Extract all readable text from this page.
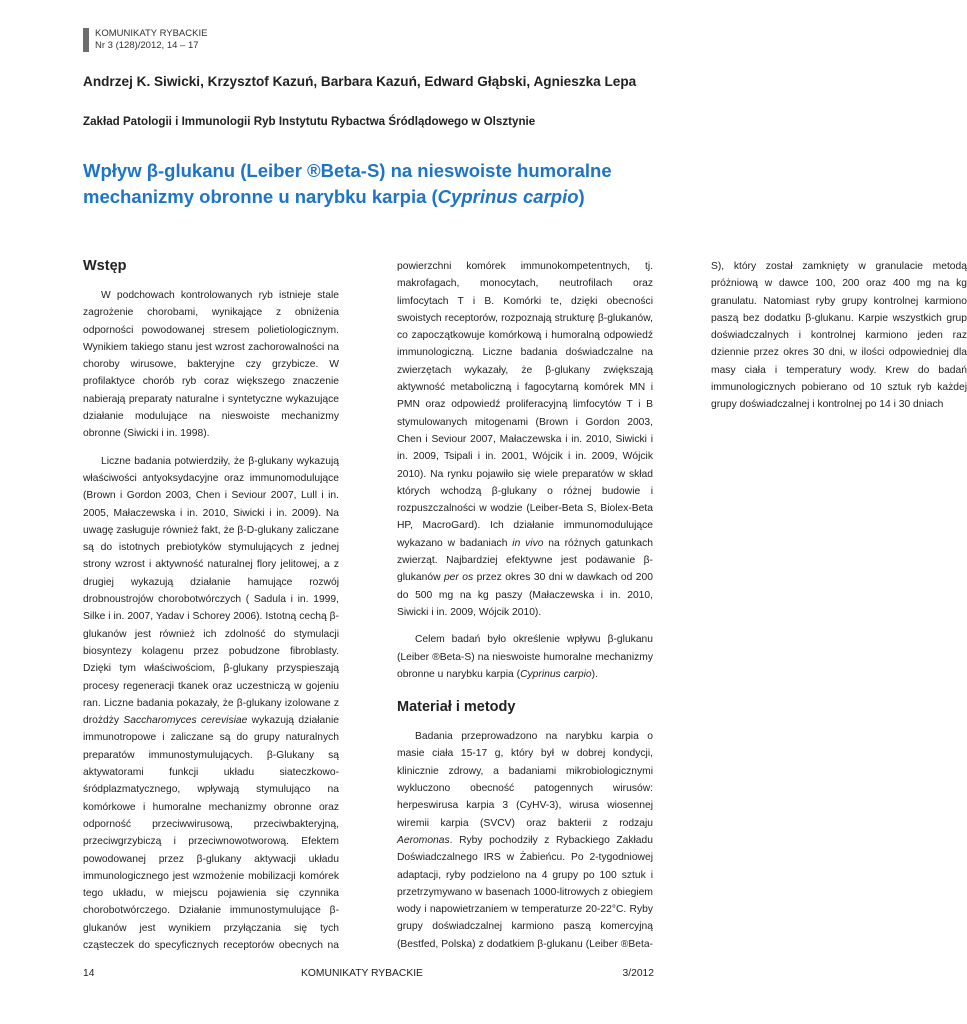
KOMUNIKATY RYBACKIE
Nr 3 (128)/2012, 14 – 17
Andrzej K. Siwicki, Krzysztof Kazuń, Barbara Kazuń, Edward Głąbski, Agnieszka Lepa
Zakład Patologii i Immunologii Ryb Instytutu Rybactwa Śródlądowego w Olsztynie
Wpływ β-glukanu (Leiber ®Beta-S) na nieswoiste humoralne mechanizmy obronne u narybku karpia (Cyprinus carpio)
Wstęp

W podchowach kontrolowanych ryb istnieje stale zagrożenie chorobami, wynikające z obniżenia odporności powodowanej stresem polietiologicznym. Wynikiem takiego stanu jest wzrost zachorowalności na choroby wirusowe, bakteryjne czy grzybicze. W profilaktyce chorób ryb coraz większego znaczenie nabierają preparaty naturalne i syntetyczne wykazujące działanie modulujące na nieswoiste mechanizmy obronne (Siwicki i in. 1998).

Liczne badania potwierdziły, że β-glukany wykazują właściwości antyoksydacyjne oraz immunomodulujące (Brown i Gordon 2003, Chen i Seviour 2007, Lull i in. 2005, Małaczewska i in. 2010, Siwicki i in. 2009). Na uwagę zasługuje również fakt, że β-D-glukany zaliczane są do istotnych prebiotyków stymulujących z jednej strony wzrost i aktywność naturalnej flory jelitowej, a z drugiej wykazują działanie hamujące rozwój drobnoustrojów chorobotwórczych ( Sadula i in. 1999, Silke i in. 2007, Yadav i Schorey 2006). Istotną cechą β-glukanów jest również ich zdolność do stymulacji biosyntezy kolagenu przez pobudzone fibroblasty. Dzięki tym właściwościom, β-glukany przyspieszają procesy regeneracji tkanek oraz uczestniczą w gojeniu ran. Liczne badania pokazały, że β-glukany izolowane z drożdży Saccharomyces cerevisiae wykazują działanie immunotropowe i zaliczane są do grupy naturalnych preparatów immunostymulujących. β-Glukany są aktywatorami funkcji układu siateczkowo-śródplazmatycznego, wpływają stymulująco na komórkowe i humoralne mechanizmy obronne oraz odporność przeciwwirusową, przeciwbakteryjną, przeciwgrzybiczą i przeciwnowotworową. Efektem powodowanej przez β-glukany aktywacji układu immunologicznego jest wzmożenie mobilizacji komórek tego układu, w miejscu pojawienia się czynnika chorobotwórczego. Działanie immunostymulujące β-glukanów jest wynikiem przyłączania się tych cząsteczek do specyficznych receptorów obecnych na powierzchni komórek immunokompetentnych, tj. makrofagach, monocytach, neutrofilach oraz limfocytach T i B. Komórki te, dzięki obecności swoistych receptorów, rozpoznają strukturę β-glukanów, co zapoczątkowuje komórkową i humoralną odpowiedź immunologiczną. Liczne badania doświadczalne na zwierzętach wykazały, że β-glukany zwiększają aktywność metaboliczną i fagocytarną komórek MN i PMN oraz odpowiedź proliferacyjną limfocytów T i B stymulowanych mitogenami (Brown i Gordon 2003, Chen i Seviour 2007, Małaczewska i in. 2010, Siwicki i in. 2009, Tsipali i in. 2001, Wójcik i in. 2009, Wójcik 2010). Na rynku pojawiło się wiele preparatów w skład których wchodzą β-glukany o różnej budowie i rozpuszczalności w wodzie (Leiber-Beta S, Biolex-Beta HP, MacroGard). Ich działanie immunomodulujące wykazano w badaniach in vivo na różnych gatunkach zwierząt. Najbardziej efektywne jest podawanie β-glukanów per os przez okres 30 dni w dawkach od 200 do 500 mg na kg paszy (Małaczewska i in. 2010, Siwicki i in. 2009, Wójcik 2010).

Celem badań było określenie wpływu β-glukanu (Leiber ®Beta-S) na nieswoiste humoralne mechanizmy obronne u narybku karpia (Cyprinus carpio).

Materiał i metody

Badania przeprowadzono na narybku karpia o masie ciała 15-17 g, który był w dobrej kondycji, klinicznie zdrowy, a badaniami mikrobiologicznymi wykluczono obecność patogennych wirusów: herpeswirusa karpia 3 (CyHV-3), wirusa wiosennej wiremii karpia (SVCV) oraz bakterii z rodzaju Aeromonas. Ryby pochodziły z Rybackiego Zakładu Doświadczalnego IRS w Żabieńcu. Po 2-tygodniowej adaptacji, ryby podzielono na 4 grupy po 100 sztuk i przetrzymywano w basenach 1000-litrowych z obiegiem wody i napowietrzaniem w temperaturze 20-22°C. Ryby grupy doświadczalnej karmiono paszą komercyjną (Bestfed, Polska) z dodatkiem β-glukanu (Leiber ®Beta-S), który został zamknięty w granulacie metodą próżniową w dawce 100, 200 oraz 400 mg na kg granulatu. Natomiast ryby grupy kontrolnej karmiono paszą bez dodatku β-glukanu. Karpie wszystkich grup doświadczalnych i kontrolnej karmiono jeden raz dziennie przez okres 30 dni, w ilości odpowiedniej dla masy ciała i temperatury wody. Krew do badań immunologicznych pobierano od 10 sztuk ryb każdej grupy doświadczalnej i kontrolnej po 14 i 30 dniach

14	KOMUNIKATY RYBACKIE	3/2012
